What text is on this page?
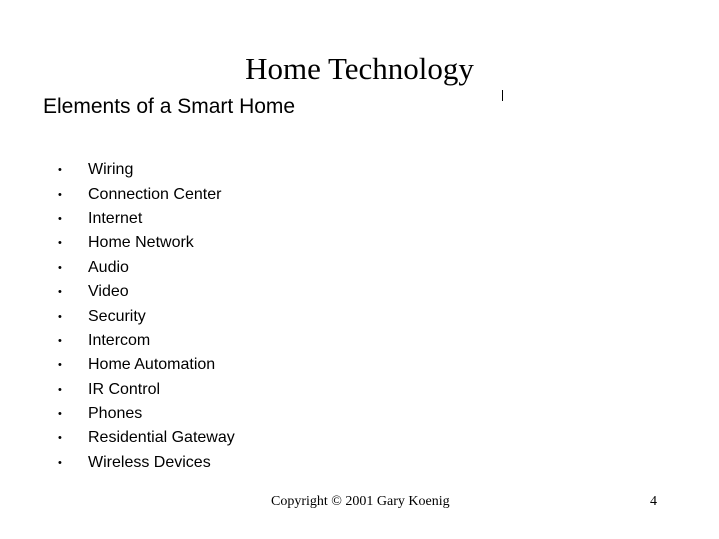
Home Technology
Elements of a Smart Home
•	Wiring
•	Connection Center
•	Internet
•	Home Network
•	Audio
•	Video
•	Security
•	Intercom
•	Home Automation
•	IR Control
•	Phones
•	Residential Gateway
•	Wireless Devices
Copyright © 2001 Gary Koenig	4
